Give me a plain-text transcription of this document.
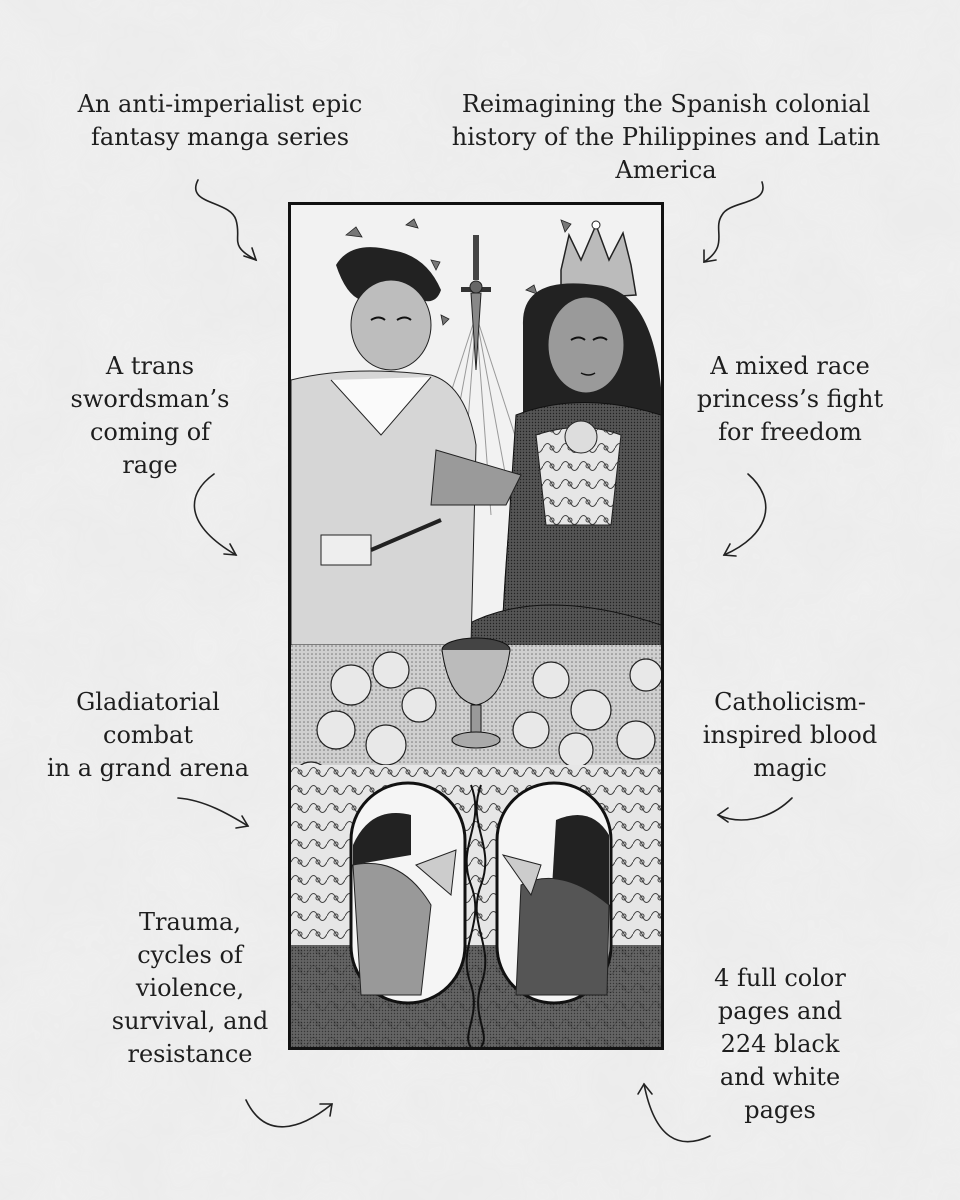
An anti-imperialist epic
fantasy manga series
Reimagining the Spanish colonial
history of the Philippines and Latin America
A trans
swordsman’s
coming of rage
A mixed race
princess’s fight
for freedom
Gladiatorial
combat
in a grand arena
Catholicism-
inspired blood
magic
Trauma,
cycles of
violence,
survival, and
resistance
4 full color
pages and
224 black
and white
pages
